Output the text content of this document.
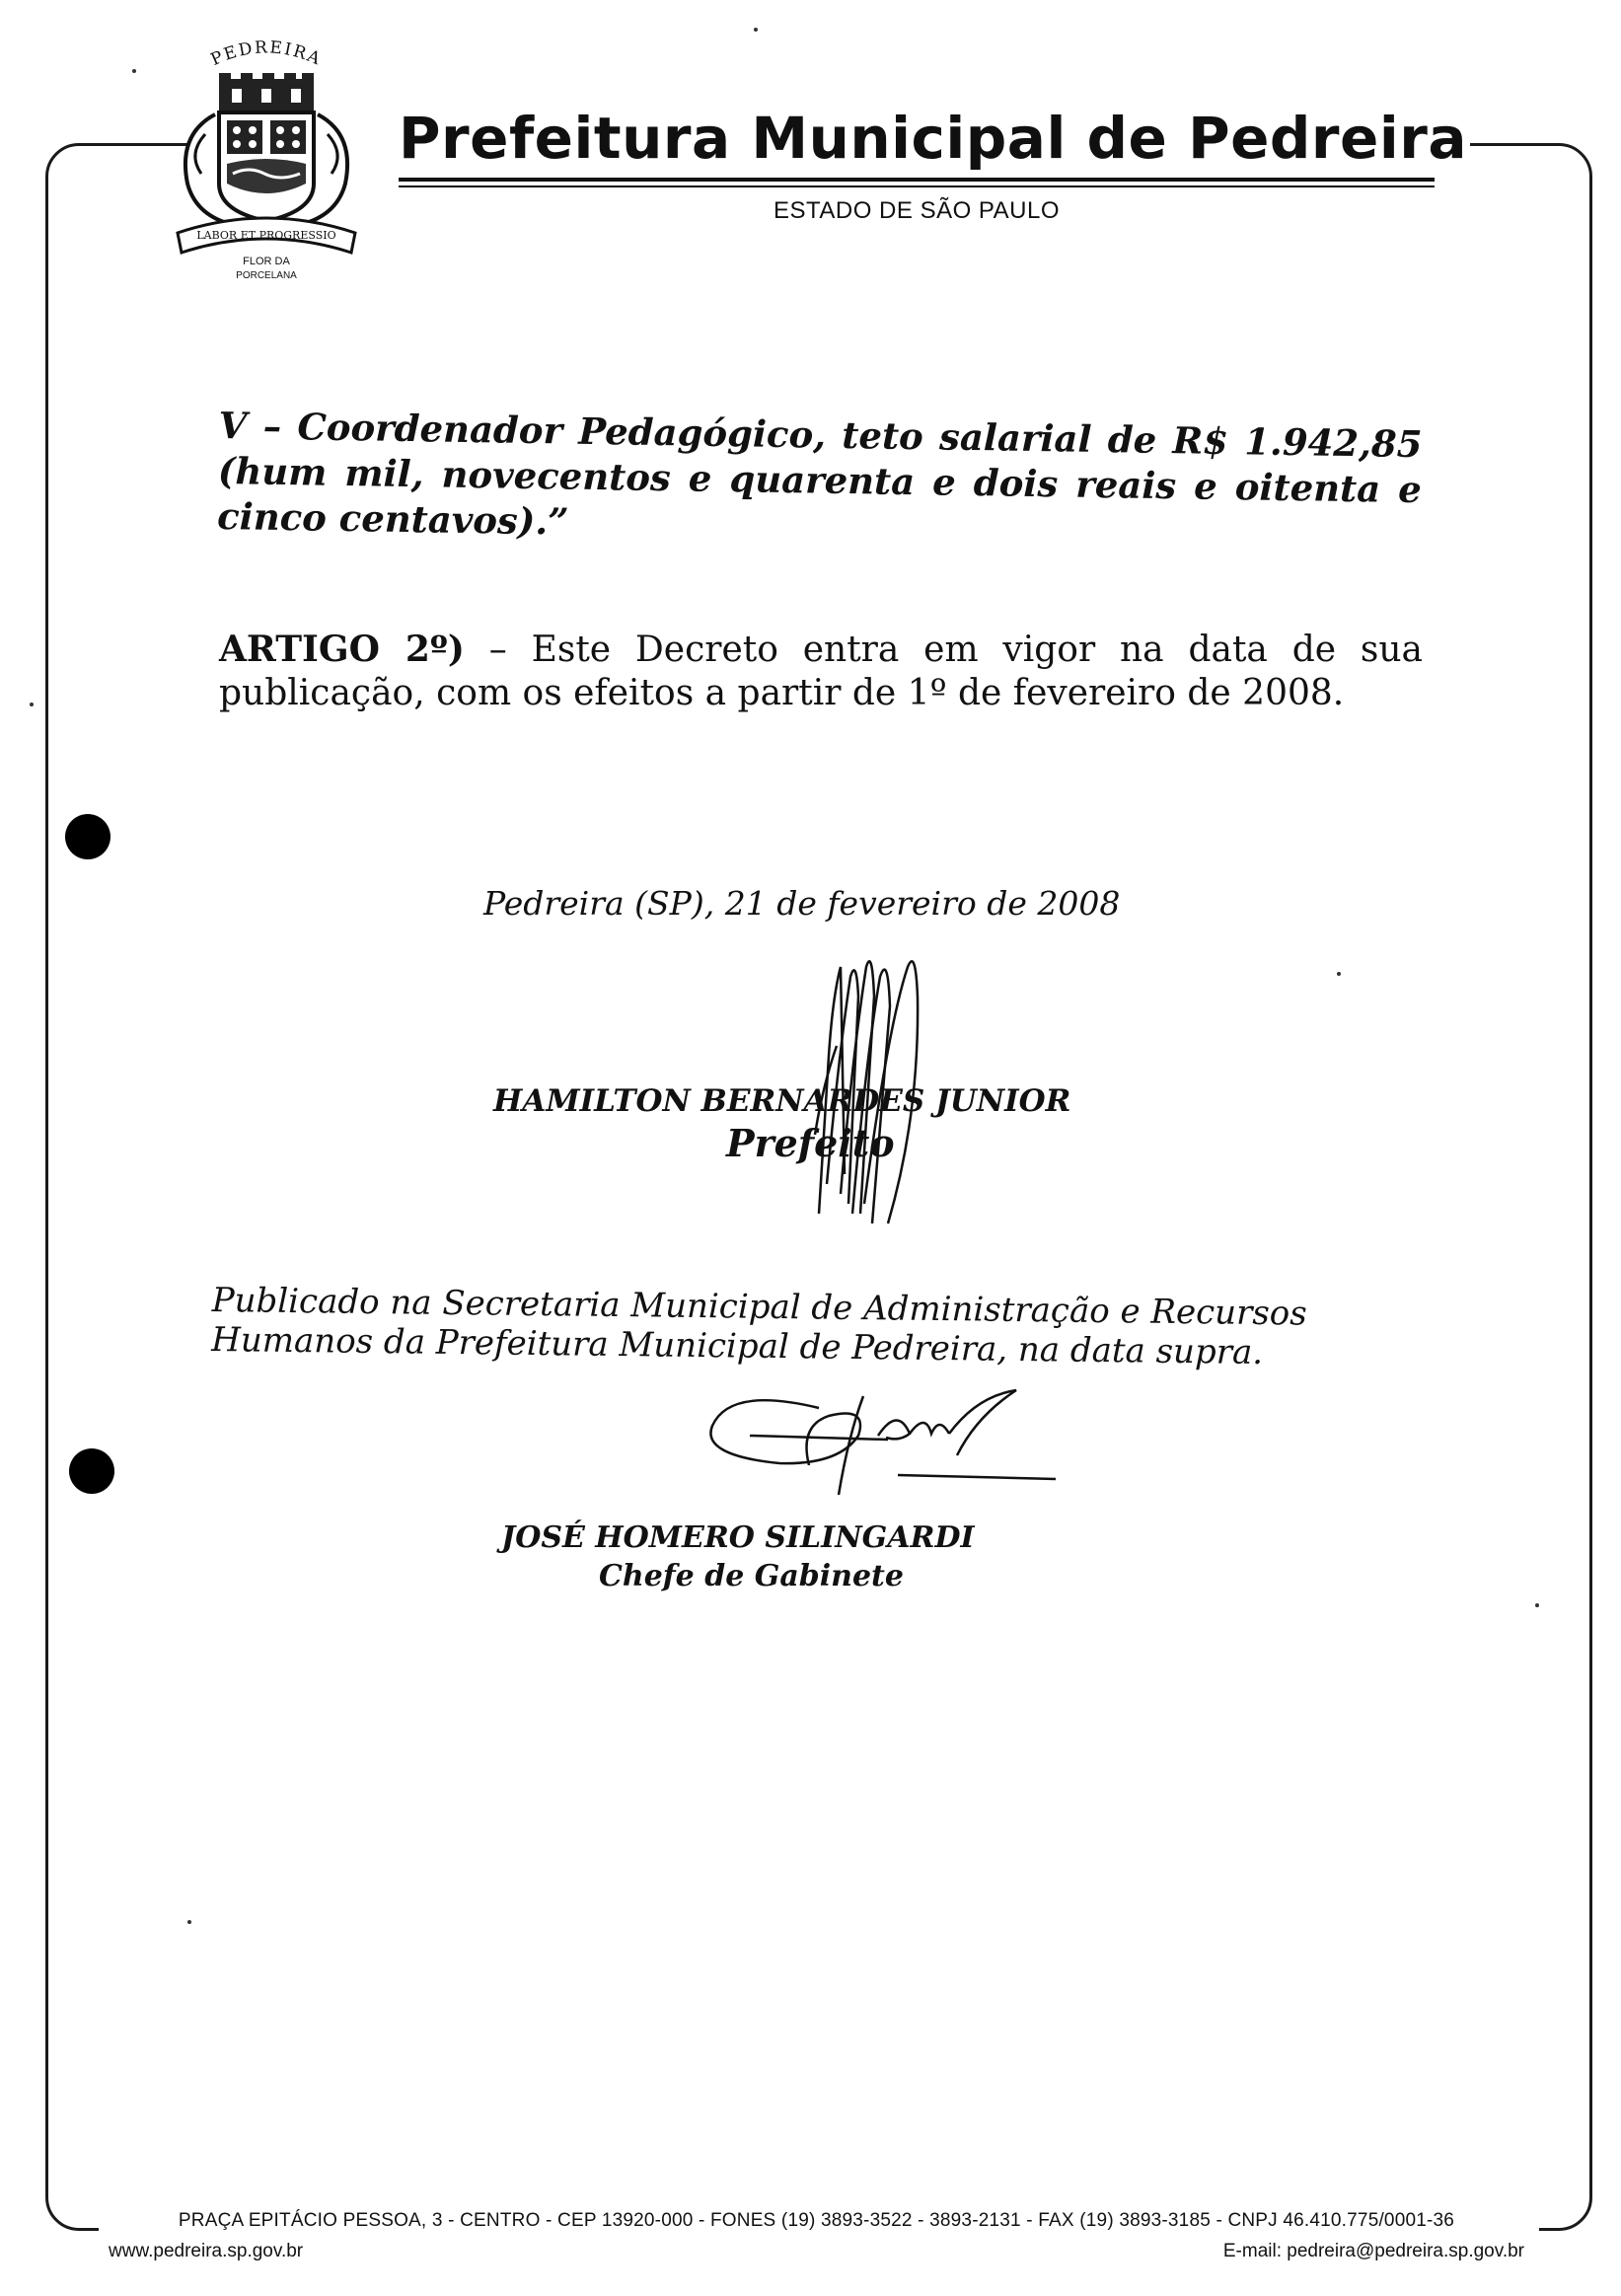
PEDREIRA
LABOR ET PROGRESSIO
FLOR DA
PORCELANA
Prefeitura Municipal de Pedreira
ESTADO DE SÃO PAULO
V – Coordenador Pedagógico, teto salarial de R$ 1.942,85 (hum mil, novecentos e quarenta e dois reais e oitenta e cinco centavos).”
ARTIGO 2º) – Este Decreto entra em vigor na data de sua publicação, com os efeitos a partir de 1º de fevereiro de 2008.
Pedreira (SP), 21 de fevereiro de 2008
HAMILTON BERNARDES JUNIOR
Prefeito
Publicado na Secretaria Municipal de Administração e Recursos Humanos da Prefeitura Municipal de Pedreira, na data supra.
JOSÉ HOMERO SILINGARDI
Chefe de Gabinete
PRAÇA EPITÁCIO PESSOA, 3 - CENTRO - CEP 13920-000 - FONES (19) 3893-3522 - 3893-2131 - FAX (19) 3893-3185 - CNPJ 46.410.775/0001-36
www.pedreira.sp.gov.br	E-mail: pedreira@pedreira.sp.gov.br
